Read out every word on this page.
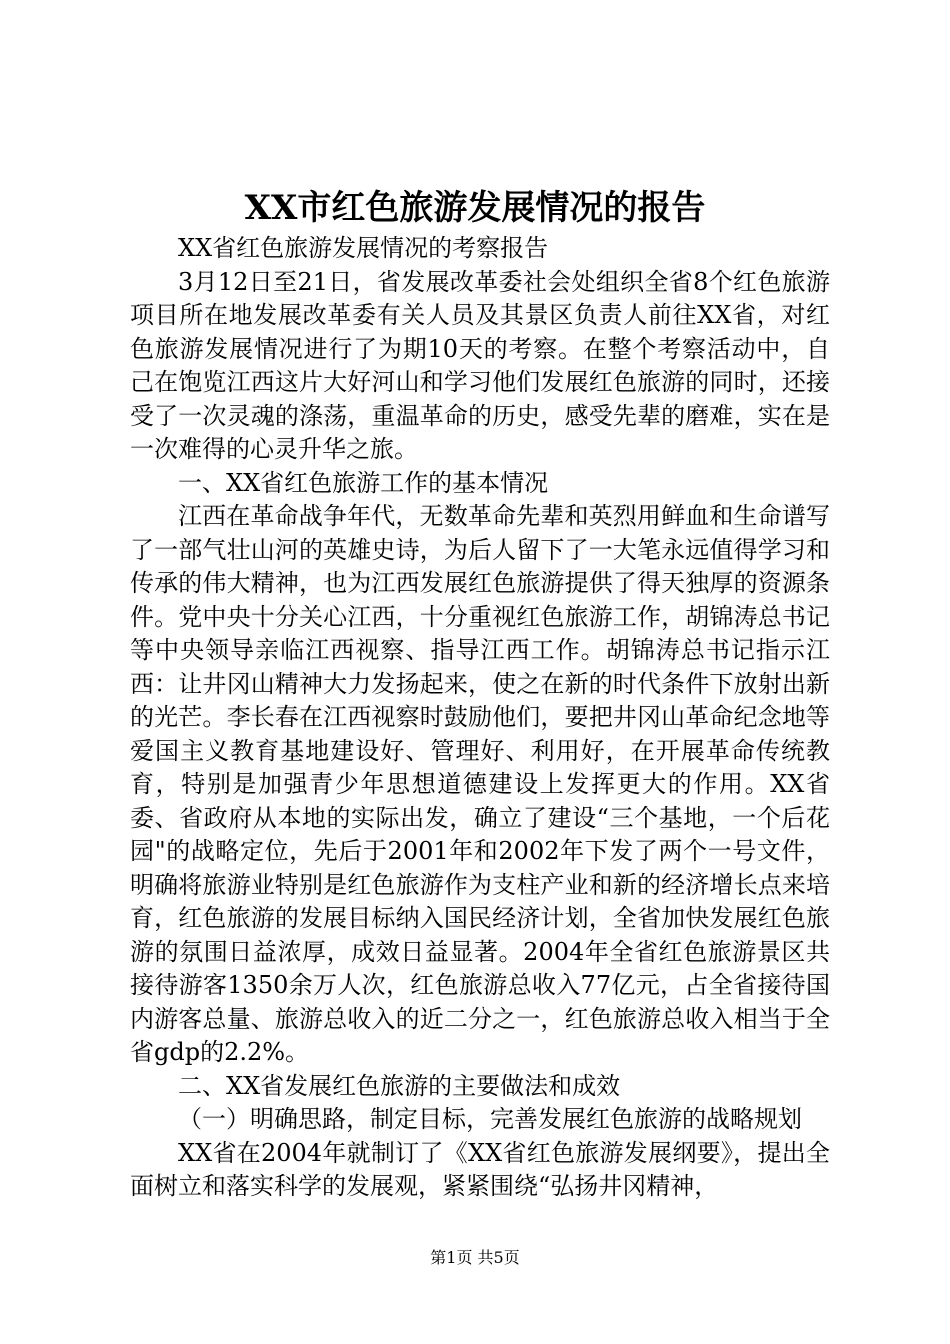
XX市红色旅游发展情况的报告

XX省红色旅游发展情况的考察报告

3月12日至21日，省发展改革委社会处组织全省8个红色旅游项目所在地发展改革委有关人员及其景区负责人前往XX省，对红色旅游发展情况进行了为期10天的考察。在整个考察活动中，自己在饱览江西这片大好河山和学习他们发展红色旅游的同时，还接受了一次灵魂的涤荡，重温革命的历史，感受先辈的磨难，实在是一次难得的心灵升华之旅。

一、XX省红色旅游工作的基本情况

江西在革命战争年代，无数革命先辈和英烈用鲜血和生命谱写了一部气壮山河的英雄史诗，为后人留下了一大笔永远值得学习和传承的伟大精神，也为江西发展红色旅游提供了得天独厚的资源条件。党中央十分关心江西，十分重视红色旅游工作，胡锦涛总书记等中央领导亲临江西视察、指导江西工作。胡锦涛总书记指示江西：让井冈山精神大力发扬起来，使之在新的时代条件下放射出新的光芒。李长春在江西视察时鼓励他们，要把井冈山革命纪念地等爱国主义教育基地建设好、管理好、利用好，在开展革命传统教育，特别是加强青少年思想道德建设上发挥更大的作用。XX省委、省政府从本地的实际出发，确立了建设“三个基地，一个后花园"的战略定位，先后于2001年和2002年下发了两个一号文件，明确将旅游业特别是红色旅游作为支柱产业和新的经济增长点来培育，红色旅游的发展目标纳入国民经济计划，全省加快发展红色旅游的氛围日益浓厚，成效日益显著。2004年全省红色旅游景区共接待游客1350余万人次，红色旅游总收入77亿元，占全省接待国内游客总量、旅游总收入的近二分之一，红色旅游总收入相当于全省gdp的2.2%。

二、XX省发展红色旅游的主要做法和成效

（一）明确思路，制定目标，完善发展红色旅游的战略规划

XX省在2004年就制订了《XX省红色旅游发展纲要》，提出全面树立和落实科学的发展观，紧紧围绕“弘扬井冈精神，

第1页 共5页
